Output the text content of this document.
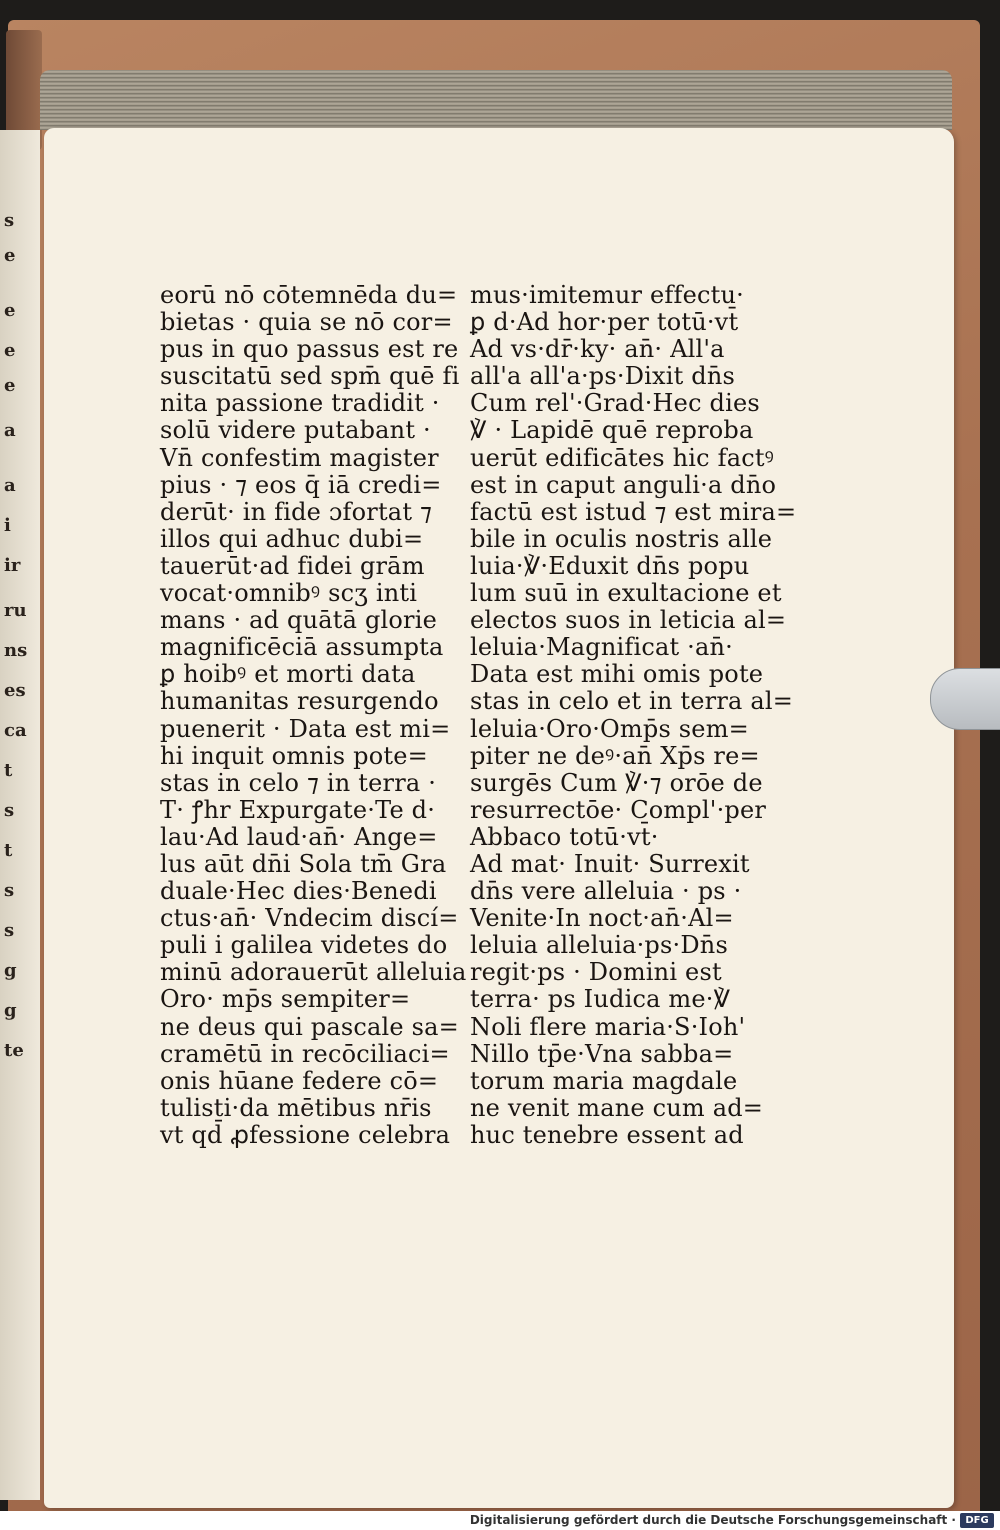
s
e
e
e
e
a
a
i
ir
ru
ns
es
ca
t
s
t
s
s
g
g
te
eorū nō cōtemnēda du=
bietas · quia se nō cor=
pus in quo passus est re
suscitatū sed spm̄ quē fi
nita passione tradidit ·
solū videre putabant ·
Vn̄ confestim magister
pius · ⁊ eos q̄ iā credi=
derūt· in fide ɔfortat ⁊
illos qui adhuc dubi=
tauerūt·ad fidei grām
vocat·omnibꝰ scʒ inti
mans · ad quātā glorie
magnificēciā assumpta
ꝑ hoibꝰ et morti data
humanitas resurgendo
puenerit · Data est mi=
hi inquit omnis pote=
stas in celo ⁊ in terra ·
T· ꝭhr Expurgate·Te d·
lau·Ad laud·an̄· Ange=
lus aūt dn̄i Sola tm̄ Gra
duale·Hec dies·Benedi
ctus·an̄· Vndecim discí=
puli i galilea videtes do
minū adorauerūt alleluia
Oro· mp̄s sempiter=
ne deus qui pascale sa=
cramētū in recōciliaci=
onis hūane federe cō=
tulisti·da mētibus nr̄is
vt qd̄ ꝓfessione celebra
mus·imitemur effectu·
ꝑ d·Ad hor·per totū·vt̄
Ad vs·dr̄·ky· an̄· All'a
all'a all'a·ps·Dixit dn̄s
Cum rel'·Grad·Hec dies
℣ · Lapidē quē reproba
uerūt edificātes hic factꝰ
est in caput anguli·a dn̄o
factū est istud ⁊ est mira=
bile in oculis nostris alle
luia·℣·Eduxit dn̄s popu
lum suū in exultacione et
electos suos in leticia al=
leluia·Magnificat ·an̄·
Data est mihi omis pote
stas in celo et in terra al=
leluia·Oro·Omp̄s sem=
piter ne deꝰ·an̄ Xp̄s re=
surgēs Cum ℣·⁊ orōe de
resurrectōe· Compl'·per
Abbaco totū·vt̄·
Ad mat· Inuit· Surrexit
dn̄s vere alleluia · ps ·
Venite·In noct·an̄·Al=
leluia alleluia·ps·Dn̄s
regit·ps · Domini est
terra· ps Iudica me·℣
Noli flere maria·S·Ioh'
Nillo tp̄e·Vna sabba=
torum maria magdale
ne venit mane cum ad=
huc tenebre essent ad
Digitalisierung gefördert durch die Deutsche Forschungsgemeinschaft · DFG
